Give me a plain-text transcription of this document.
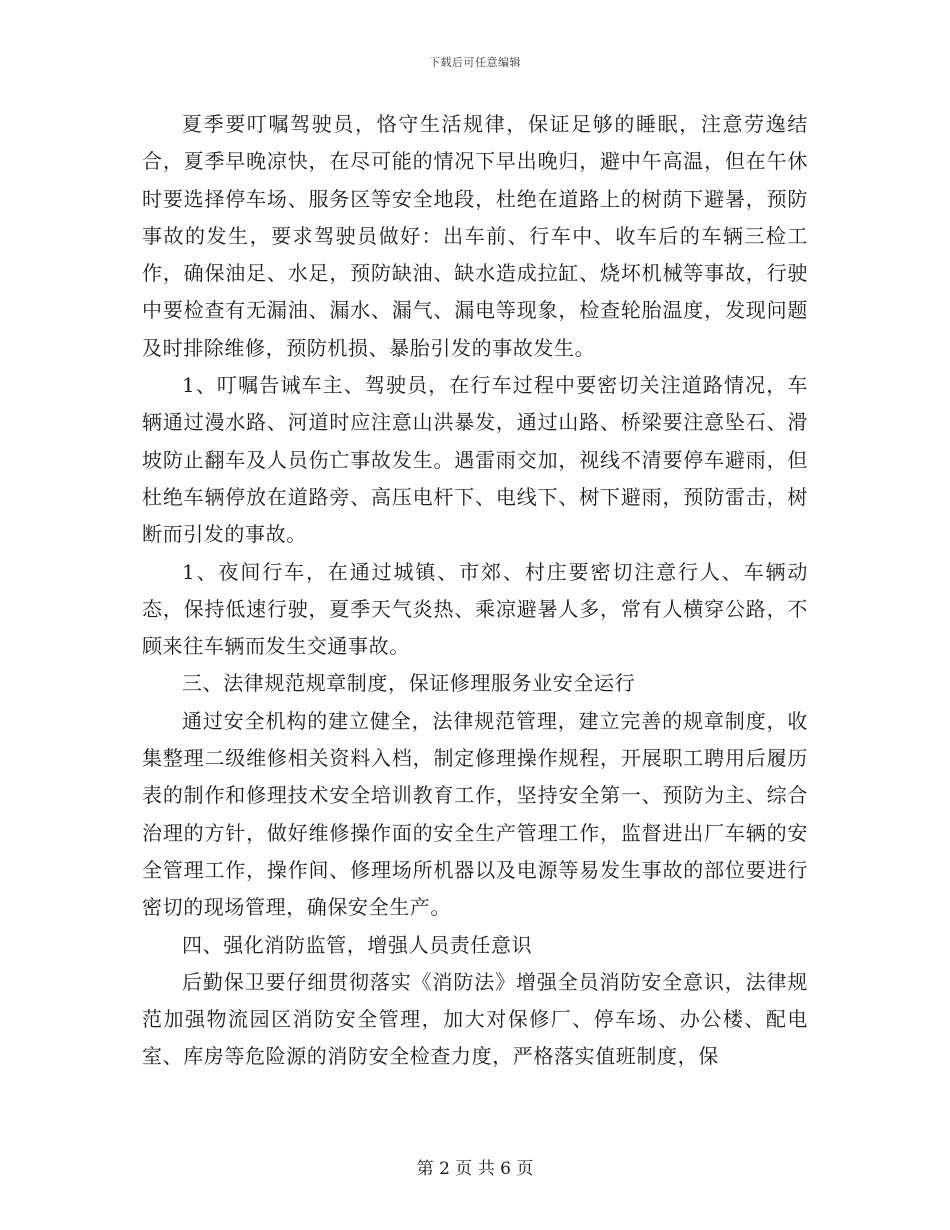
下载后可任意编辑

夏季要叮嘱驾驶员，恪守生活规律，保证足够的睡眠，注意劳逸结合，夏季早晚凉快，在尽可能的情况下早出晚归，避中午高温，但在午休时要选择停车场、服务区等安全地段，杜绝在道路上的树荫下避暑，预防事故的发生，要求驾驶员做好：出车前、行车中、收车后的车辆三检工作，确保油足、水足，预防缺油、缺水造成拉缸、烧坏机械等事故，行驶中要检查有无漏油、漏水、漏气、漏电等现象，检查轮胎温度，发现问题及时排除维修，预防机损、暴胎引发的事故发生。

1、叮嘱告诫车主、驾驶员，在行车过程中要密切关注道路情况，车辆通过漫水路、河道时应注意山洪暴发，通过山路、桥梁要注意坠石、滑坡防止翻车及人员伤亡事故发生。遇雷雨交加，视线不清要停车避雨，但杜绝车辆停放在道路旁、高压电杆下、电线下、树下避雨，预防雷击，树断而引发的事故。

1、夜间行车，在通过城镇、市郊、村庄要密切注意行人、车辆动态，保持低速行驶，夏季天气炎热、乘凉避暑人多，常有人横穿公路，不顾来往车辆而发生交通事故。

三、法律规范规章制度，保证修理服务业安全运行

通过安全机构的建立健全，法律规范管理，建立完善的规章制度，收集整理二级维修相关资料入档，制定修理操作规程，开展职工聘用后履历表的制作和修理技术安全培训教育工作，坚持安全第一、预防为主、综合治理的方针，做好维修操作面的安全生产管理工作，监督进出厂车辆的安全管理工作，操作间、修理场所机器以及电源等易发生事故的部位要进行密切的现场管理，确保安全生产。

四、强化消防监管，增强人员责任意识

后勤保卫要仔细贯彻落实《消防法》增强全员消防安全意识，法律规范加强物流园区消防安全管理，加大对保修厂、停车场、办公楼、配电室、库房等危险源的消防安全检查力度，严格落实值班制度，保

第 2 页 共 6 页
